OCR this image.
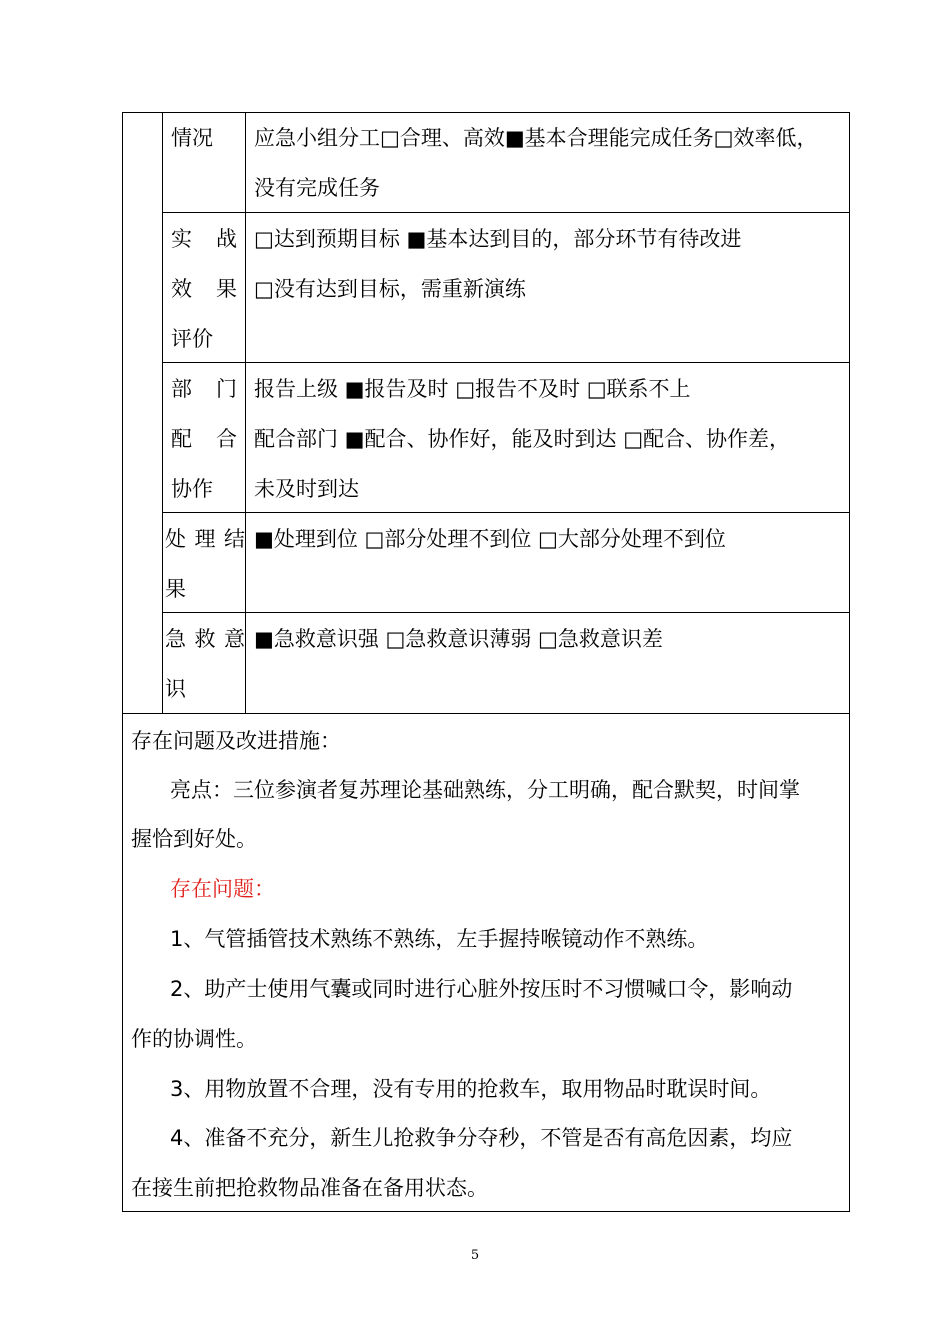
情况 应急小组分工□合理、高效■基本合理能完成任务□效率低，
没有完成任务
实 战
效 果
评价
□达到预期目标 ■基本达到目的，部分环节有待改进
□没有达到目标，需重新演练
部 门
配 合
协作
报告上级 ■报告及时 □报告不及时 □联系不上
配合部门 ■配合、协作好，能及时到达 □配合、协作差，
未及时到达
处 理 结
果
■处理到位 □部分处理不到位 □大部分处理不到位
急 救 意
识
■急救意识强 □急救意识薄弱 □急救意识差
存在问题及改进措施：
亮点：三位参演者复苏理论基础熟练，分工明确，配合默契，时间掌
握恰到好处。
存在问题：
1、气管插管技术熟练不熟练，左手握持喉镜动作不熟练。
2、助产士使用气囊或同时进行心脏外按压时不习惯喊口令，影响动
作的协调性。
3、用物放置不合理，没有专用的抢救车，取用物品时耽误时间。
4、准备不充分，新生儿抢救争分夺秒，不管是否有高危因素，均应
在接生前把抢救物品准备在备用状态。
5
